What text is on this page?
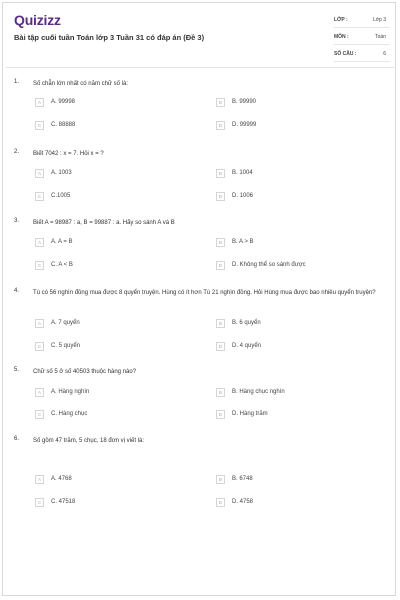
Quizizz
Bài tập cuối tuần Toán lớp 3 Tuần 31 có đáp án (Đề 3)
LỚP :	Lớp 3
MÔN :	Toán
SỐ CÂU :	6
1. Số chẵn lớn nhất có năm chữ số là:
A	A. 99998	B	B. 99990
C	C. 88888	D	D. 99999
2. Biết 7042 : x = 7. Hỏi x = ?
A	A. 1003	B	B. 1004
C	C.1005	D	D. 1006
3. Biết A = 98987 : a, B = 99887 : a. Hãy so sánh A và B
A	A. A = B	B	B. A > B
C	C. A < B	D	D. Không thể so sánh được
4. Tú có 56 nghìn đồng mua được 8 quyển truyện. Hùng có ít hơn Tú 21 nghìn đồng. Hỏi Hùng mua được bao nhiêu quyển truyện?
A	A. 7 quyển	B	B. 6 quyển
C	C. 5 quyển	D	D. 4 quyển
5. Chữ số 5 ở số 40503 thuộc hàng nào?
A	A. Hàng nghìn	B	B. Hàng chục nghìn
C	C. Hàng chục	D	D. Hàng trăm
6. Số gồm 47 trăm, 5 chục, 18 đơn vị viết là:
A	A. 4768	B	B. 6748
C	C. 47518	D	D. 4758
